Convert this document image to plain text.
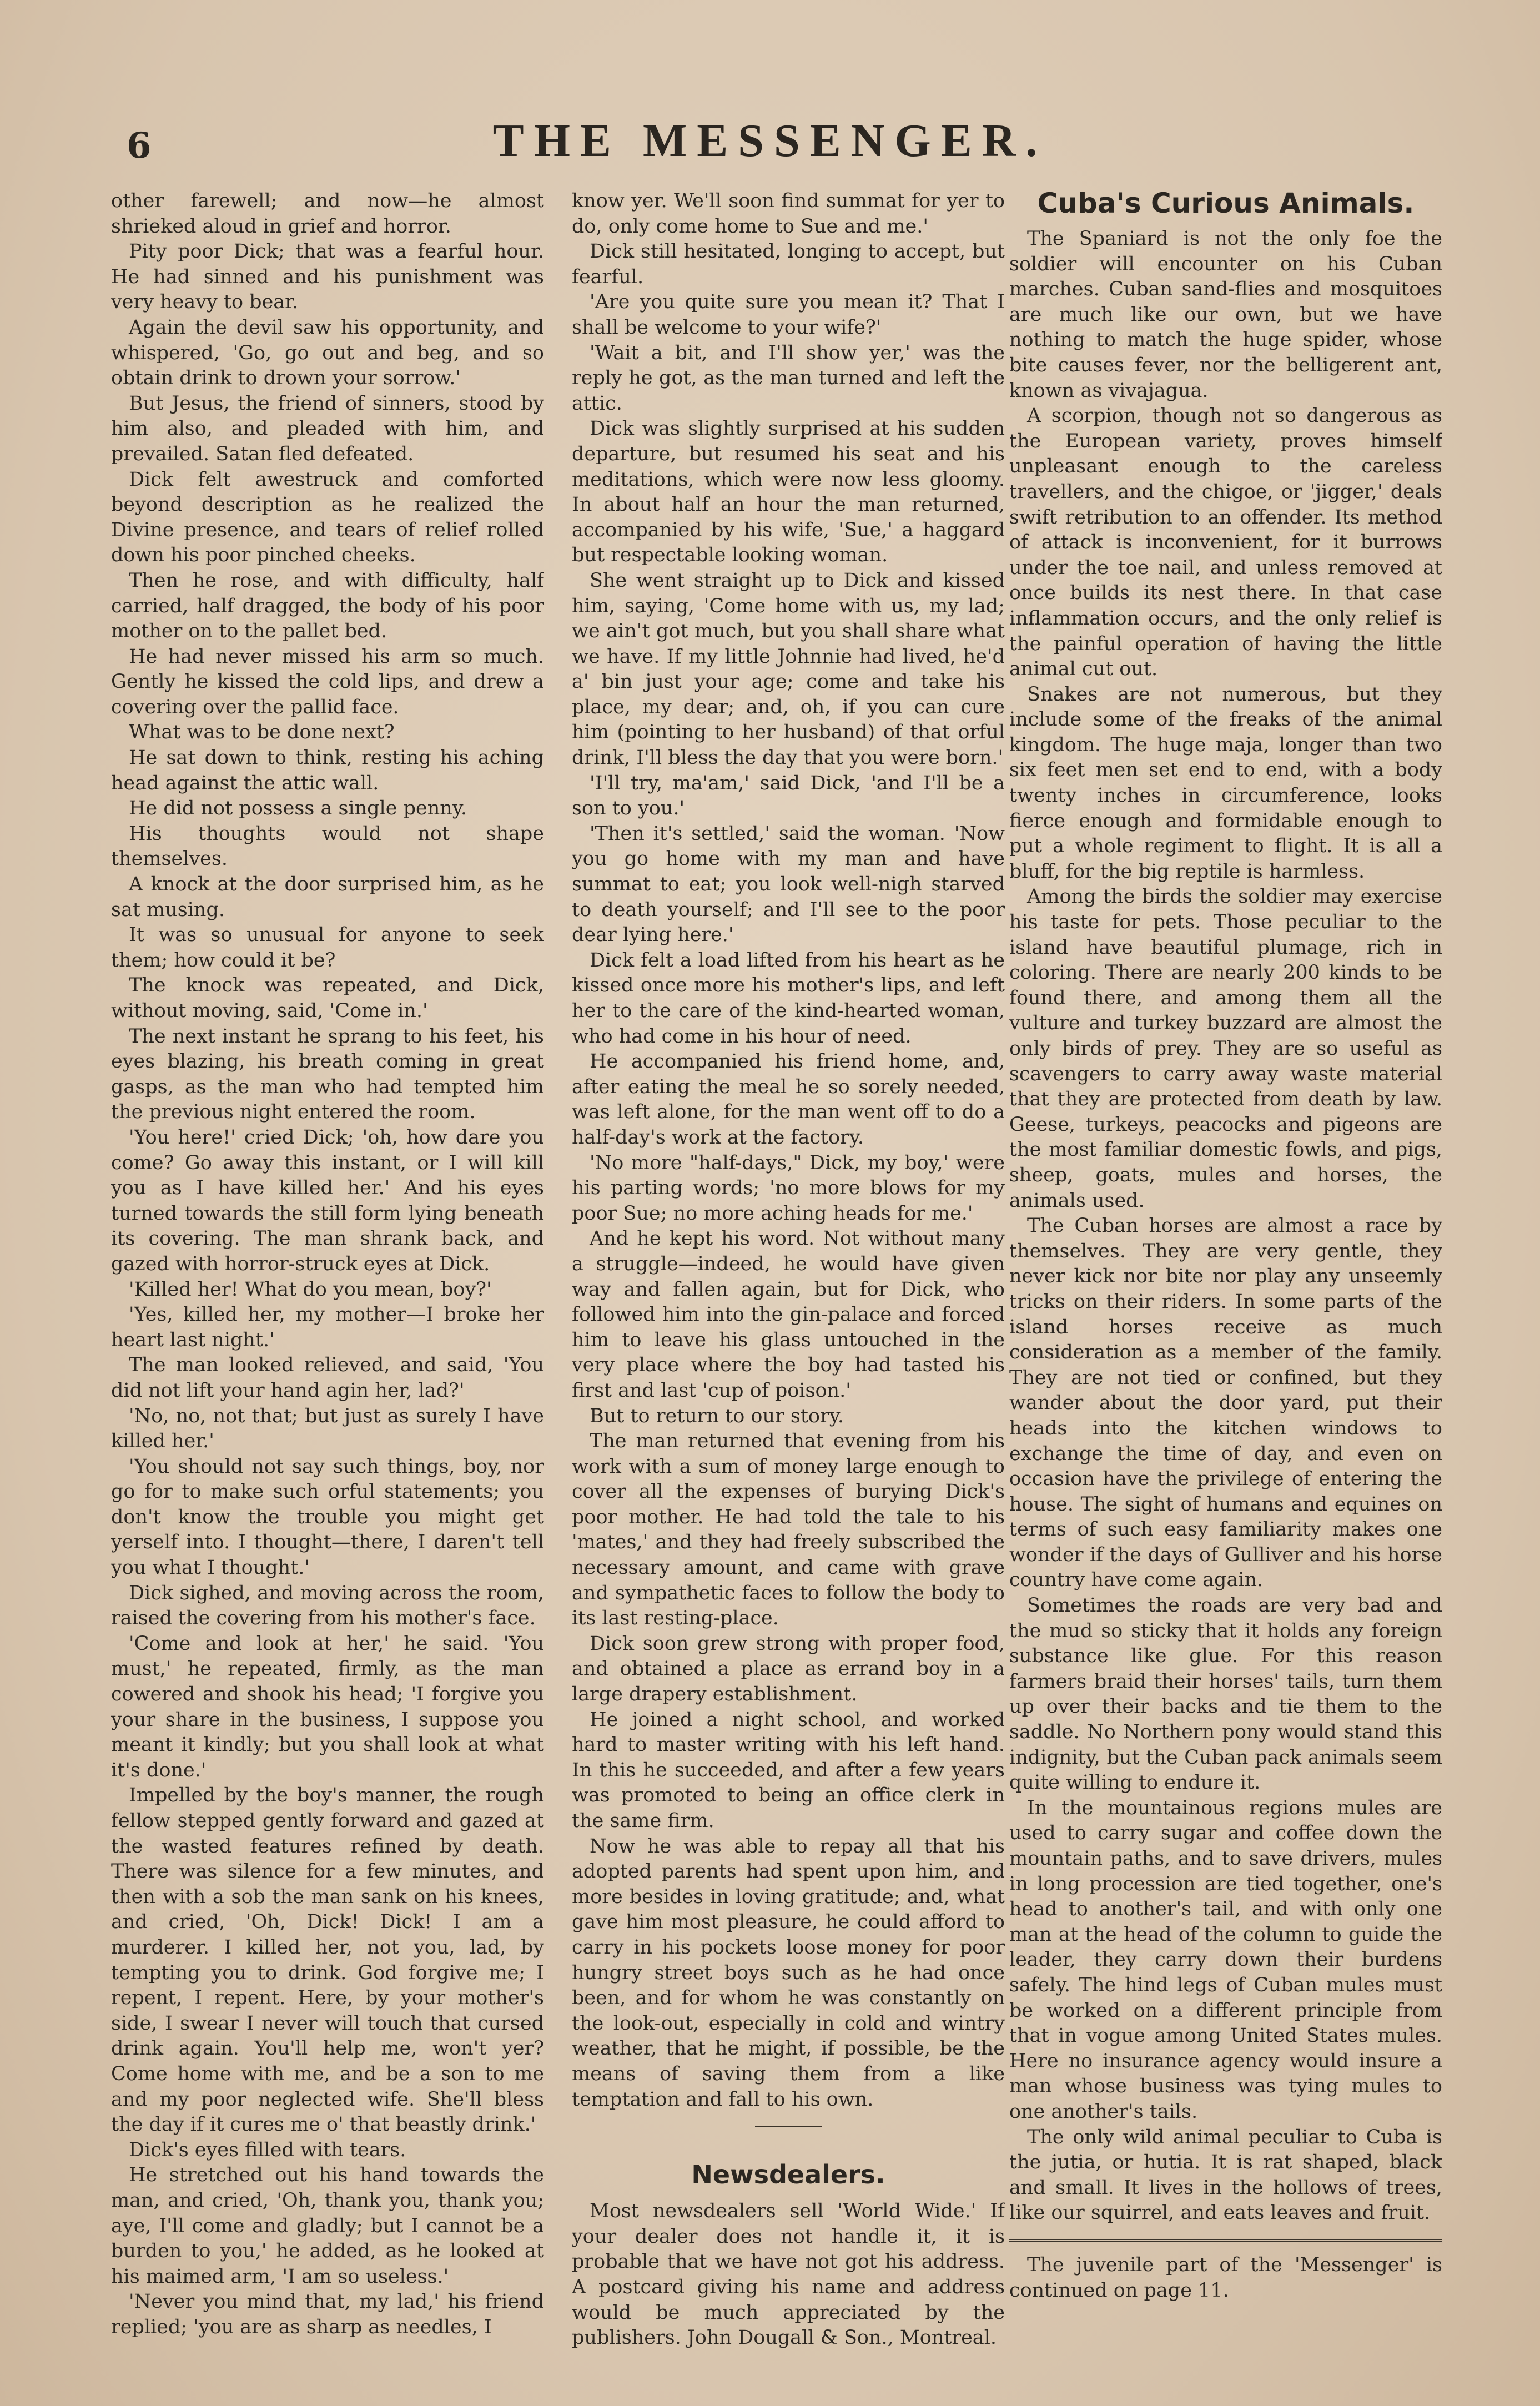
6	THE MESSENGER.

other farewell; and now—he almost shrieked aloud in grief and horror.

Pity poor Dick; that was a fearful hour. He had sinned and his punishment was very heavy to bear.

Again the devil saw his opportunity, and whispered, 'Go, go out and beg, and so obtain drink to drown your sorrow.'

But Jesus, the friend of sinners, stood by him also, and pleaded with him, and prevailed. Satan fled defeated.

Dick felt awestruck and comforted beyond description as he realized the Divine presence, and tears of relief rolled down his poor pinched cheeks.

Then he rose, and with difficulty, half carried, half dragged, the body of his poor mother on to the pallet bed.

He had never missed his arm so much. Gently he kissed the cold lips, and drew a covering over the pallid face.

What was to be done next?

He sat down to think, resting his aching head against the attic wall.

He did not possess a single penny.

His thoughts would not shape themselves.

A knock at the door surprised him, as he sat musing.

It was so unusual for anyone to seek them; how could it be?

The knock was repeated, and Dick, without moving, said, 'Come in.'

The next instant he sprang to his feet, his eyes blazing, his breath coming in great gasps, as the man who had tempted him the previous night entered the room.

'You here!' cried Dick; 'oh, how dare you come? Go away this instant, or I will kill you as I have killed her.' And his eyes turned towards the still form lying beneath its covering. The man shrank back, and gazed with horror-struck eyes at Dick.

'Killed her! What do you mean, boy?'

'Yes, killed her, my mother—I broke her heart last night.'

The man looked relieved, and said, 'You did not lift your hand agin her, lad?'

'No, no, not that; but just as surely I have killed her.'

'You should not say such things, boy, nor go for to make such orful statements; you don't know the trouble you might get yerself into. I thought—there, I daren't tell you what I thought.'

Dick sighed, and moving across the room, raised the covering from his mother's face.

'Come and look at her,' he said. 'You must,' he repeated, firmly, as the man cowered and shook his head; 'I forgive you your share in the business, I suppose you meant it kindly; but you shall look at what it's done.'

Impelled by the boy's manner, the rough fellow stepped gently forward and gazed at the wasted features refined by death. There was silence for a few minutes, and then with a sob the man sank on his knees, and cried, 'Oh, Dick! Dick! I am a murderer. I killed her, not you, lad, by tempting you to drink. God forgive me; I repent, I repent. Here, by your mother's side, I swear I never will touch that cursed drink again. You'll help me, won't yer? Come home with me, and be a son to me and my poor neglected wife. She'll bless the day if it cures me o' that beastly drink.'

Dick's eyes filled with tears.

He stretched out his hand towards the man, and cried, 'Oh, thank you, thank you; aye, I'll come and gladly; but I cannot be a burden to you,' he added, as he looked at his maimed arm, 'I am so useless.'

'Never you mind that, my lad,' his friend replied; 'you are as sharp as needles, I

know yer. We'll soon find summat for yer to do, only come home to Sue and me.'

Dick still hesitated, longing to accept, but fearful.

'Are you quite sure you mean it? That I shall be welcome to your wife?'

'Wait a bit, and I'll show yer,' was the reply he got, as the man turned and left the attic.

Dick was slightly surprised at his sudden departure, but resumed his seat and his meditations, which were now less gloomy. In about half an hour the man returned, accompanied by his wife, 'Sue,' a haggard but respectable looking woman.

She went straight up to Dick and kissed him, saying, 'Come home with us, my lad; we ain't got much, but you shall share what we have. If my little Johnnie had lived, he'd a' bin just your age; come and take his place, my dear; and, oh, if you can cure him (pointing to her husband) of that orful drink, I'll bless the day that you were born.'

'I'll try, ma'am,' said Dick, 'and I'll be a son to you.'

'Then it's settled,' said the woman. 'Now you go home with my man and have summat to eat; you look well-nigh starved to death yourself; and I'll see to the poor dear lying here.'

Dick felt a load lifted from his heart as he kissed once more his mother's lips, and left her to the care of the kind-hearted woman, who had come in his hour of need.

He accompanied his friend home, and, after eating the meal he so sorely needed, was left alone, for the man went off to do a half-day's work at the factory.

'No more "half-days," Dick, my boy,' were his parting words; 'no more blows for my poor Sue; no more aching heads for me.'

And he kept his word. Not without many a struggle—indeed, he would have given way and fallen again, but for Dick, who followed him into the gin-palace and forced him to leave his glass untouched in the very place where the boy had tasted his first and last 'cup of poison.'

But to return to our story.

The man returned that evening from his work with a sum of money large enough to cover all the expenses of burying Dick's poor mother. He had told the tale to his 'mates,' and they had freely subscribed the necessary amount, and came with grave and sympathetic faces to follow the body to its last resting-place.

Dick soon grew strong with proper food, and obtained a place as errand boy in a large drapery establishment.

He joined a night school, and worked hard to master writing with his left hand. In this he succeeded, and after a few years was promoted to being an office clerk in the same firm.

Now he was able to repay all that his adopted parents had spent upon him, and more besides in loving gratitude; and, what gave him most pleasure, he could afford to carry in his pockets loose money for poor hungry street boys such as he had once been, and for whom he was constantly on the look-out, especially in cold and wintry weather, that he might, if possible, be the means of saving them from a like temptation and fall to his own.

Newsdealers.

Most newsdealers sell 'World Wide.' If your dealer does not handle it, it is probable that we have not got his address. A postcard giving his name and address would be much appreciated by the publishers. John Dougall & Son., Montreal.

Cuba's Curious Animals.

The Spaniard is not the only foe the soldier will encounter on his Cuban marches. Cuban sand-flies and mosquitoes are much like our own, but we have nothing to match the huge spider, whose bite causes fever, nor the belligerent ant, known as vivajagua.

A scorpion, though not so dangerous as the European variety, proves himself unpleasant enough to the careless travellers, and the chigoe, or 'jigger,' deals swift retribution to an offender. Its method of attack is inconvenient, for it burrows under the toe nail, and unless removed at once builds its nest there. In that case inflammation occurs, and the only relief is the painful operation of having the little animal cut out.

Snakes are not numerous, but they include some of the freaks of the animal kingdom. The huge maja, longer than two six feet men set end to end, with a body twenty inches in circumference, looks fierce enough and formidable enough to put a whole regiment to flight. It is all a bluff, for the big reptile is harmless.

Among the birds the soldier may exercise his taste for pets. Those peculiar to the island have beautiful plumage, rich in coloring. There are nearly 200 kinds to be found there, and among them all the vulture and turkey buzzard are almost the only birds of prey. They are so useful as scavengers to carry away waste material that they are protected from death by law. Geese, turkeys, peacocks and pigeons are the most familiar domestic fowls, and pigs, sheep, goats, mules and horses, the animals used.

The Cuban horses are almost a race by themselves. They are very gentle, they never kick nor bite nor play any unseemly tricks on their riders. In some parts of the island horses receive as much consideration as a member of the family. They are not tied or confined, but they wander about the door yard, put their heads into the kitchen windows to exchange the time of day, and even on occasion have the privilege of entering the house. The sight of humans and equines on terms of such easy familiarity makes one wonder if the days of Gulliver and his horse country have come again.

Sometimes the roads are very bad and the mud so sticky that it holds any foreign substance like glue. For this reason farmers braid their horses' tails, turn them up over their backs and tie them to the saddle. No Northern pony would stand this indignity, but the Cuban pack animals seem quite willing to endure it.

In the mountainous regions mules are used to carry sugar and coffee down the mountain paths, and to save drivers, mules in long procession are tied together, one's head to another's tail, and with only one man at the head of the column to guide the leader, they carry down their burdens safely. The hind legs of Cuban mules must be worked on a different principle from that in vogue among United States mules. Here no insurance agency would insure a man whose business was tying mules to one another's tails.

The only wild animal peculiar to Cuba is the jutia, or hutia. It is rat shaped, black and small. It lives in the hollows of trees, like our squirrel, and eats leaves and fruit.

The juvenile part of the 'Messenger' is continued on page 11.
